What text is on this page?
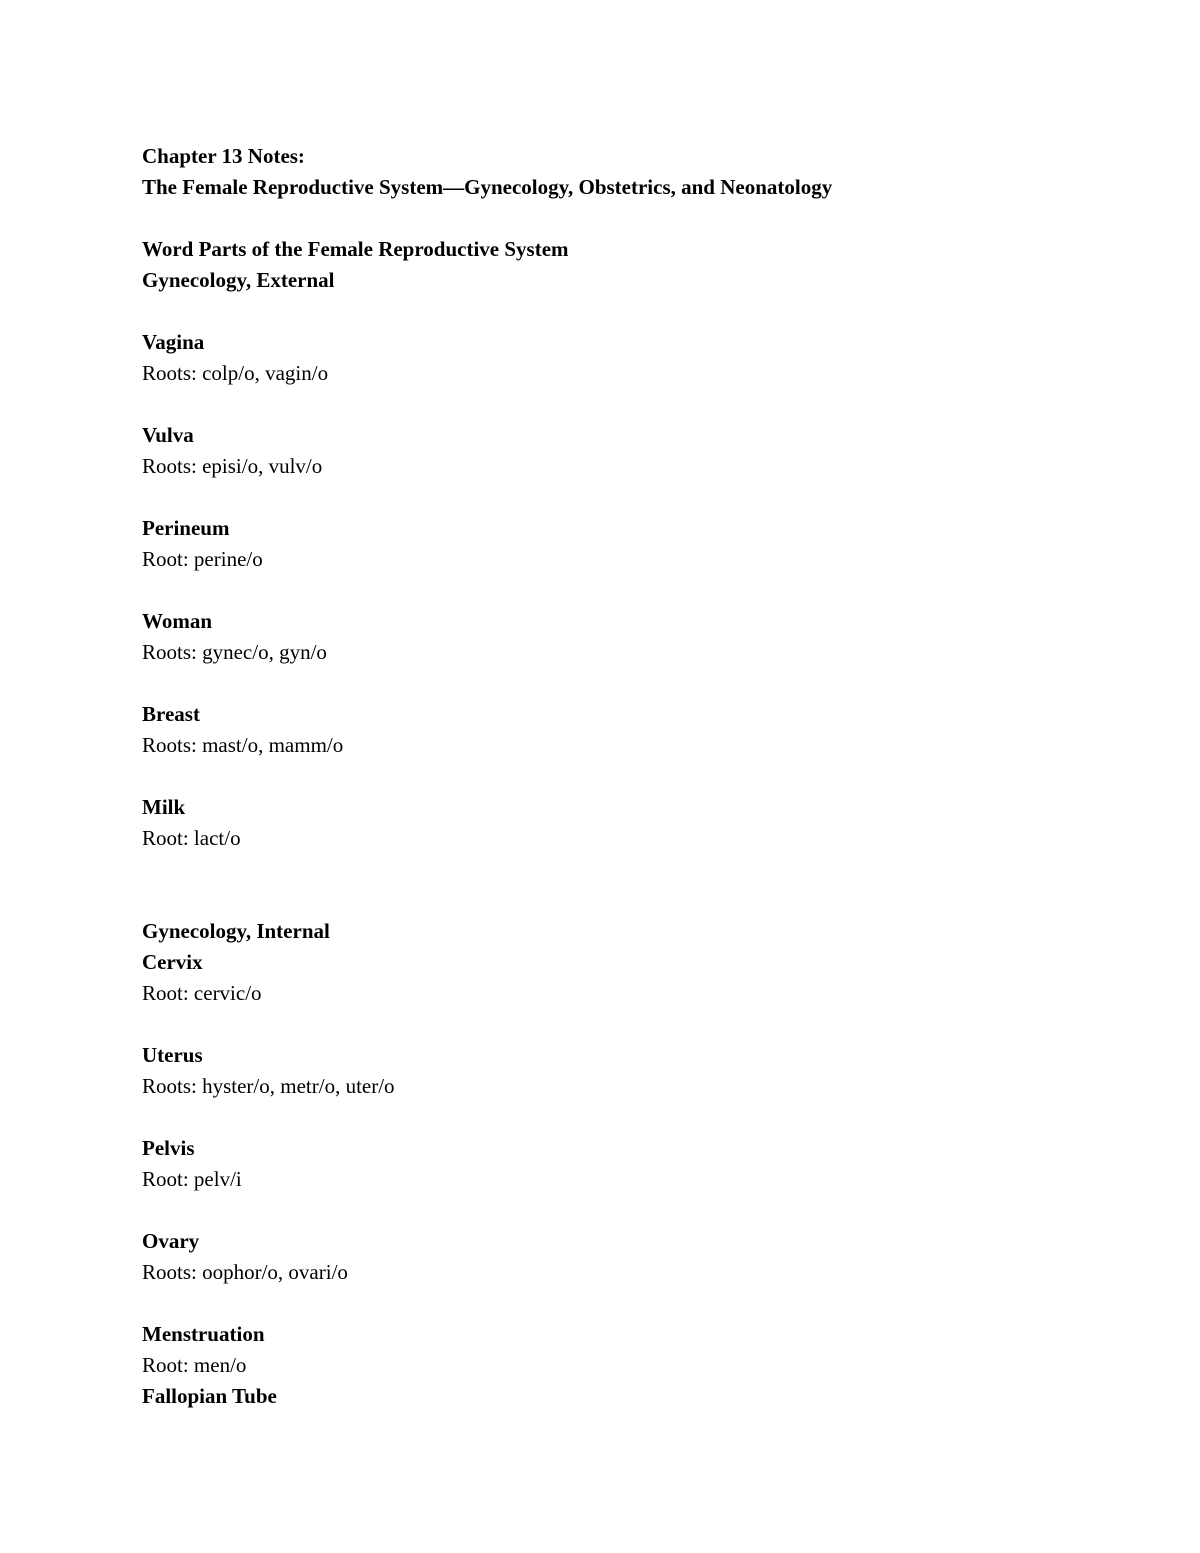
Chapter 13 Notes:
The Female Reproductive System—Gynecology, Obstetrics, and Neonatology
Word Parts of the Female Reproductive System
Gynecology, External
Vagina
Roots: colp/o, vagin/o
Vulva
Roots: episi/o, vulv/o
Perineum
Root: perine/o
Woman
Roots: gynec/o, gyn/o
Breast
Roots: mast/o, mamm/o
Milk
Root: lact/o
Gynecology, Internal
Cervix
Root: cervic/o
Uterus
Roots: hyster/o, metr/o, uter/o
Pelvis
Root: pelv/i
Ovary
Roots: oophor/o, ovari/o
Menstruation
Root: men/o
Fallopian Tube
